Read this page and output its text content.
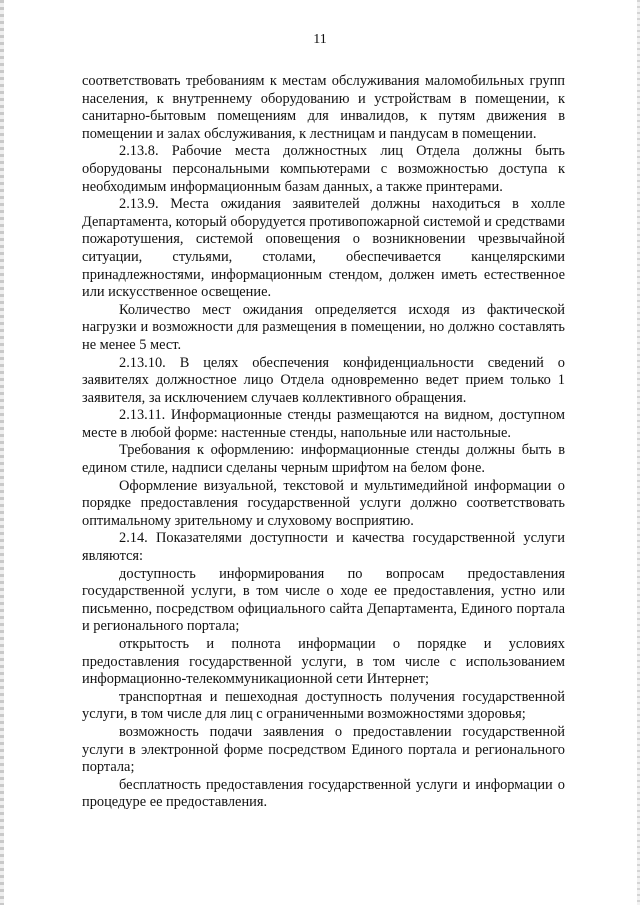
11

соответствовать требованиям к местам обслуживания маломобильных групп населения, к внутреннему оборудованию и устройствам в помещении, к санитарно-бытовым помещениям для инвалидов, к путям движения в помещении и залах обслуживания, к лестницам и пандусам в помещении.

2.13.8. Рабочие места должностных лиц Отдела должны быть оборудованы персональными компьютерами с возможностью доступа к необходимым информационным базам данных, а также принтерами.

2.13.9. Места ожидания заявителей должны находиться в холле Департамента, который оборудуется противопожарной системой и средствами пожаротушения, системой оповещения о возникновении чрезвычайной ситуации, стульями, столами, обеспечивается канцелярскими принадлежностями, информационным стендом, должен иметь естественное или искусственное освещение.

Количество мест ожидания определяется исходя из фактической нагрузки и возможности для размещения в помещении, но должно составлять не менее 5 мест.

2.13.10. В целях обеспечения конфиденциальности сведений о заявителях должностное лицо Отдела одновременно ведет прием только 1 заявителя, за исключением случаев коллективного обращения.

2.13.11. Информационные стенды размещаются на видном, доступном месте в любой форме: настенные стенды, напольные или настольные.

Требования к оформлению: информационные стенды должны быть в едином стиле, надписи сделаны черным шрифтом на белом фоне.

Оформление визуальной, текстовой и мультимедийной информации о порядке предоставления государственной услуги должно соответствовать оптимальному зрительному и слуховому восприятию.

2.14. Показателями доступности и качества государственной услуги являются:

доступность информирования по вопросам предоставления государственной услуги, в том числе о ходе ее предоставления, устно или письменно, посредством официального сайта Департамента, Единого портала и регионального портала;

открытость и полнота информации о порядке и условиях предоставления государственной услуги, в том числе с использованием информационно-телекоммуникационной сети Интернет;

транспортная и пешеходная доступность получения государственной услуги, в том числе для лиц с ограниченными возможностями здоровья;

возможность подачи заявления о предоставлении государственной услуги в электронной форме посредством Единого портала и регионального портала;

бесплатность предоставления государственной услуги и информации о процедуре ее предоставления.
